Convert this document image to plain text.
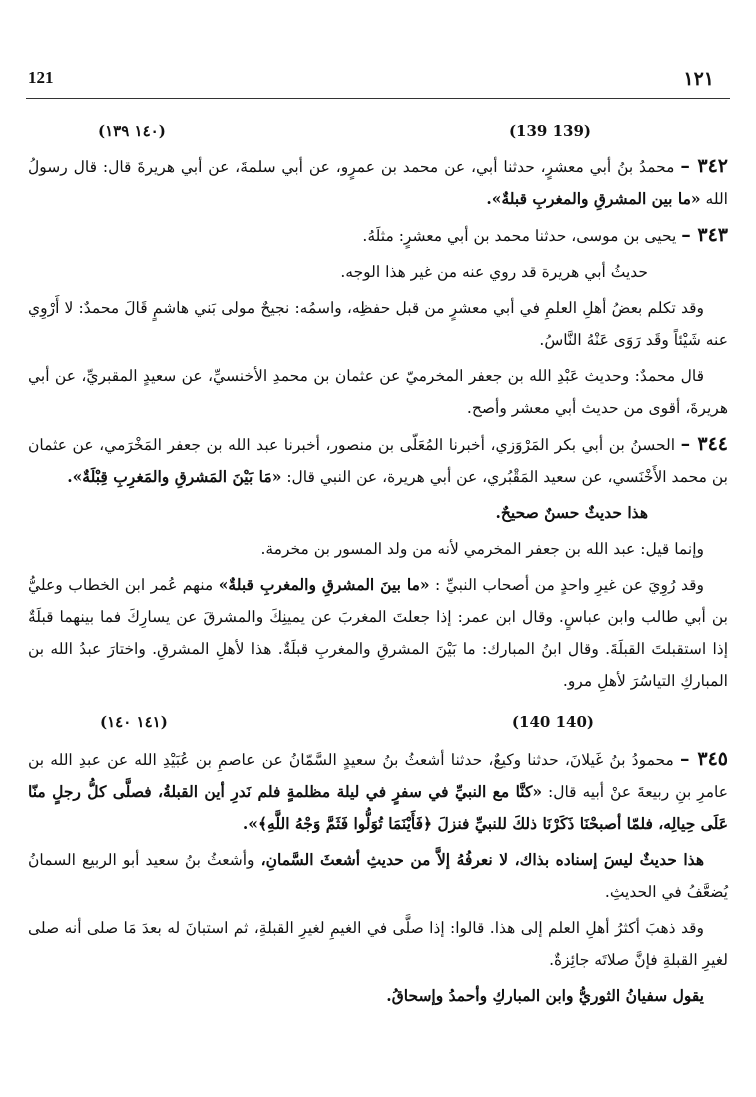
121	١٢١
(139 139)
(١٤٠ ١٣٩)

٣٤٢ – محمدُ بنُ أبي معشرٍ، حدثنا أبي، عن محمد بن عمرٍو، عن أبي سلمةَ، عن أبي هريرةَ قال: قال رسولُ الله «ما بين المشرقِ والمغربِ قبلةٌ».

٣٤٣ – يحيى بن موسى، حدثنا محمد بن أبي معشرٍ: مثلَهُ.

حديثُ أبي هريرة قد روي عنه من غير هذا الوجه.

وقد تكلم بعضُ أهلِ العلمِ في أبي معشرٍ من قبل حفظِه، واسمُه: نجيحٌ مولى بَني هاشمٍ قَالَ محمدٌ: لا أَرْوِي عنه شَيْئاً وقَد رَوَى عَنْهُ النَّاسُ.

قال محمدٌ: وحديث عَبْدِ الله بن جعفر المخرميّ عن عثمان بن محمدِ الأخنسيِّ، عن سعيدٍ المقبريِّ، عن أبي هريرةَ، أقوى من حديث أبي معشر وأصح.

٣٤٤ – الحسنُ بن أبي بكر المَرْوَزي، أخبرنا المُعَلّى بن منصور، أخبرنا عبد الله بن جعفر المَخْرَمي، عن عثمان بن محمد الأَخْنَسي، عن سعيد المَقْبُري، عن أبي هريرة، عن النبي قال: «مَا بَيْنَ المَشرقِ والمَغرِبِ قِبْلَةٌ».

هذا حديثٌ حسنٌ صحيحٌ.

وإنما قيل: عبد الله بن جعفر المخرمي لأنه من ولد المسور بن مخرمة.

وقد رُوِيَ عن غيرِ واحدٍ من أصحاب النبيِّ : «ما بينَ المشرقِ والمغربِ قبلةٌ» منهم عُمر ابن الخطاب وعليُّ بن أبي طالب وابن عباسٍ. وقال ابن عمر: إذا جعلتَ المغربَ عن يمينِكَ والمشرقَ عن يسارِكَ فما بينهما قبلَةٌ إذا استقبلتَ القبلَةَ. وقال ابنُ المبارك: ما بَيْنَ المشرقِ والمغربِ قبلَةٌ. هذا لأهلِ المشرقِ. واختارَ عبدُ الله بن المباركِ التياسُرَ لأهلِ مرو.

(140 140)
(١٤١ ١٤٠)

٣٤٥ – محمودُ بنُ غَيلانَ، حدثنا وكيعٌ، حدثنا أشعثُ بنُ سعيدٍ السَّمّانُ عن عاصمِ بن عُبَيْدِ الله عن عبدِ الله بن عامرِ بنِ ربيعةَ عنْ أبيه قال: «كنَّا مع النبيِّ في سفرٍ في ليلة مظلمةٍ فلم نَدرِ أين القبلةُ، فصلَّى كلُّ رجلٍ منّا عَلَى حِيالِه، فلمّا أصبحْنَا ذَكَرْنَا ذلكَ للنبيِّ فنزلَ ﴿فَأَيْنَمَا تُوَلُّوا فَثَمَّ وَجْهُ اللَّهِ﴾».

هذا حديثٌ ليسَ إسناده بذاك، لا نعرفُهُ إلاَّ من حديثِ أشعثَ السَّمانِ، وأشعثُ بنُ سعيد أبو الربيع السمانُ يُضعَّفُ في الحديثِ.

وقد ذهبَ أكثرُ أهلِ العلم إلى هذا. قالوا: إذا صلَّى في الغيمِ لغيرِ القبلةِ، ثم استبانَ له بعدَ مَا صلى أنه صلى لغيرِ القبلةِ فإنَّ صلاتَه جائِزةٌ.

يقول سفيانُ الثوريُّ وابن المباركِ وأحمدُ وإسحاقُ.
